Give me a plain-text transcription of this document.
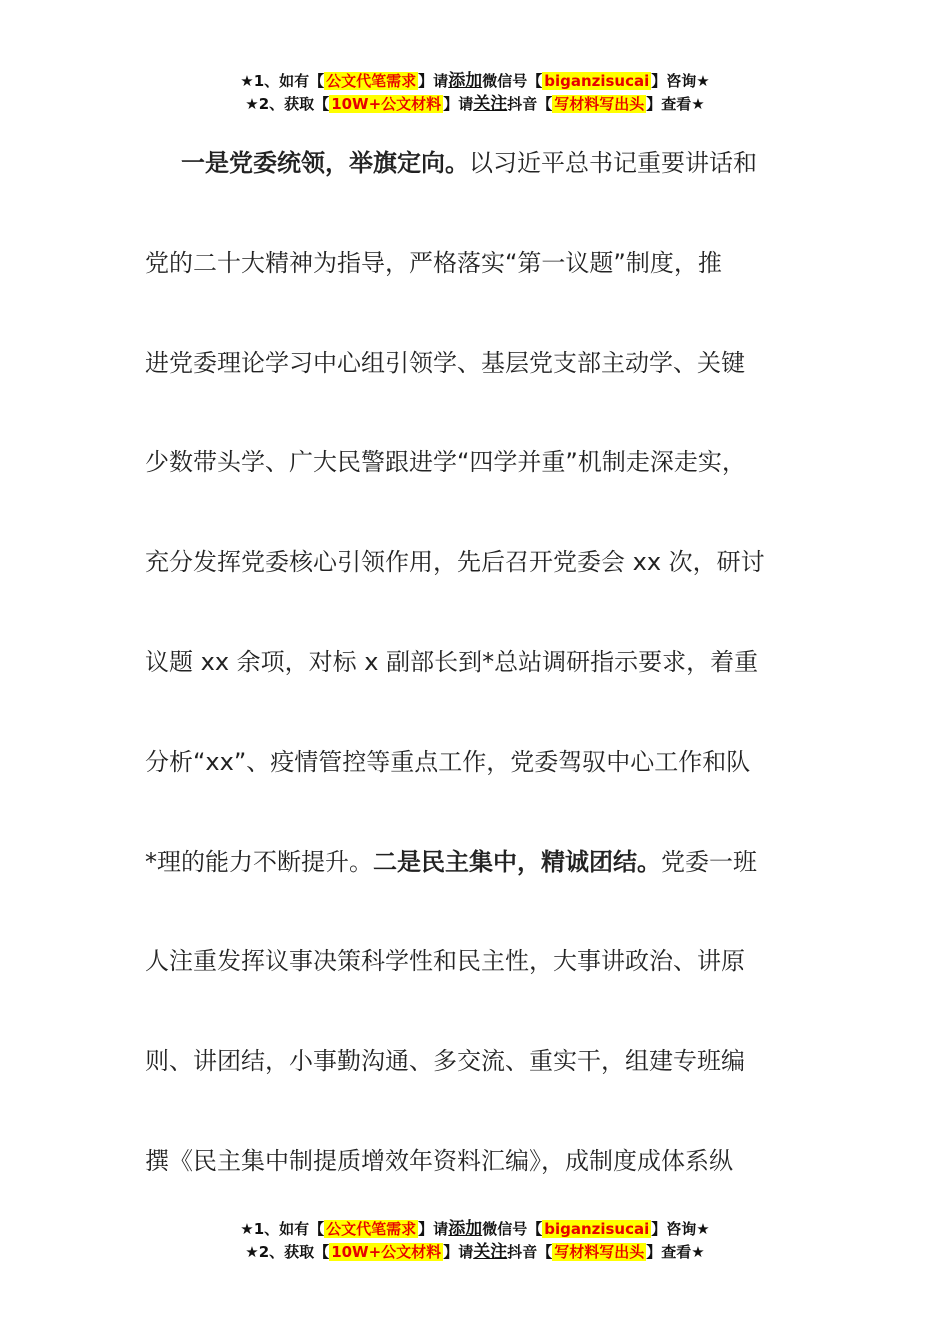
★1、如有【 公文代笔需求 】请添加微信号【 biganzisucai 】咨询★
★2、获取【 10W+公文材料 】请关注抖音【 写材料写出头 】查看★
一是党委统领，举旗定向。以习近平总书记重要讲话和
党的二十大精神为指导，严格落实“第一议题”制度，推
进党委理论学习中心组引领学、基层党支部主动学、关键
少数带头学、广大民警跟进学“四学并重”机制走深走实，
充分发挥党委核心引领作用，先后召开党委会 xx 次，研讨
议题 xx 余项，对标 x 副部长到*总站调研指示要求，着重
分析“xx”、疫情管控等重点工作，党委驾驭中心工作和队
*理的能力不断提升。二是民主集中，精诚团结。党委一班
人注重发挥议事决策科学性和民主性，大事讲政治、讲原
则、讲团结，小事勤沟通、多交流、重实干，组建专班编
撰《民主集中制提质增效年资料汇编》，成制度成体系纵
★1、如有【 公文代笔需求 】请添加微信号【 biganzisucai 】咨询★
★2、获取【 10W+公文材料 】请关注抖音【 写材料写出头 】查看★
